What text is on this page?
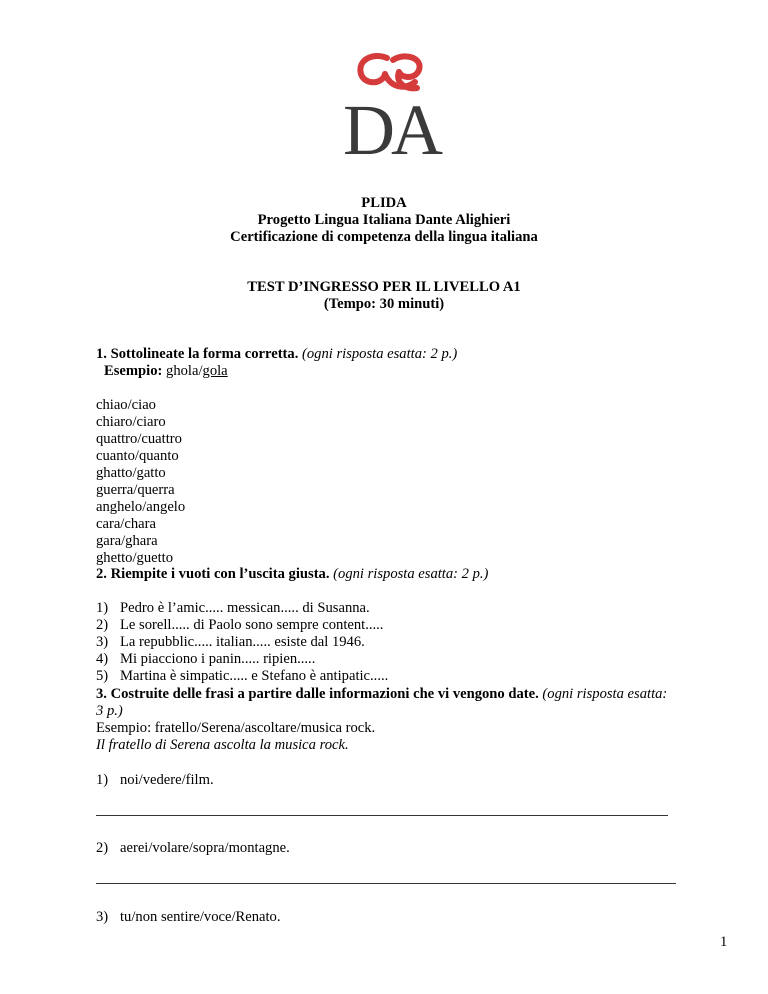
DA
PLIDA
Progetto Lingua Italiana Dante Alighieri
Certificazione di competenza della lingua italiana
TEST D’INGRESSO PER IL LIVELLO A1
(Tempo: 30 minuti)
1. Sottolineate la forma corretta. (ogni risposta esatta: 2 p.)
Esempio: ghola/gola
chiao/ciao
chiaro/ciaro
quattro/cuattro
cuanto/quanto
ghatto/gatto
guerra/querra
anghelo/angelo
cara/chara
gara/ghara
ghetto/guetto
2. Riempite i vuoti con l’uscita giusta. (ogni risposta esatta: 2 p.)
1) Pedro è l’amic..... messican..... di Susanna.
2) Le sorell..... di Paolo sono sempre content.....
3) La repubblic..... italian..... esiste dal 1946.
4) Mi piacciono i panin..... ripien.....
5) Martina è simpatic..... e Stefano è antipatic.....
3. Costruite delle frasi a partire dalle informazioni che vi vengono date. (ogni risposta esatta:
3 p.)
Esempio: fratello/Serena/ascoltare/musica rock.
Il fratello di Serena ascolta la musica rock.
1) noi/vedere/film.
2) aerei/volare/sopra/montagne.
3) tu/non sentire/voce/Renato.
1
